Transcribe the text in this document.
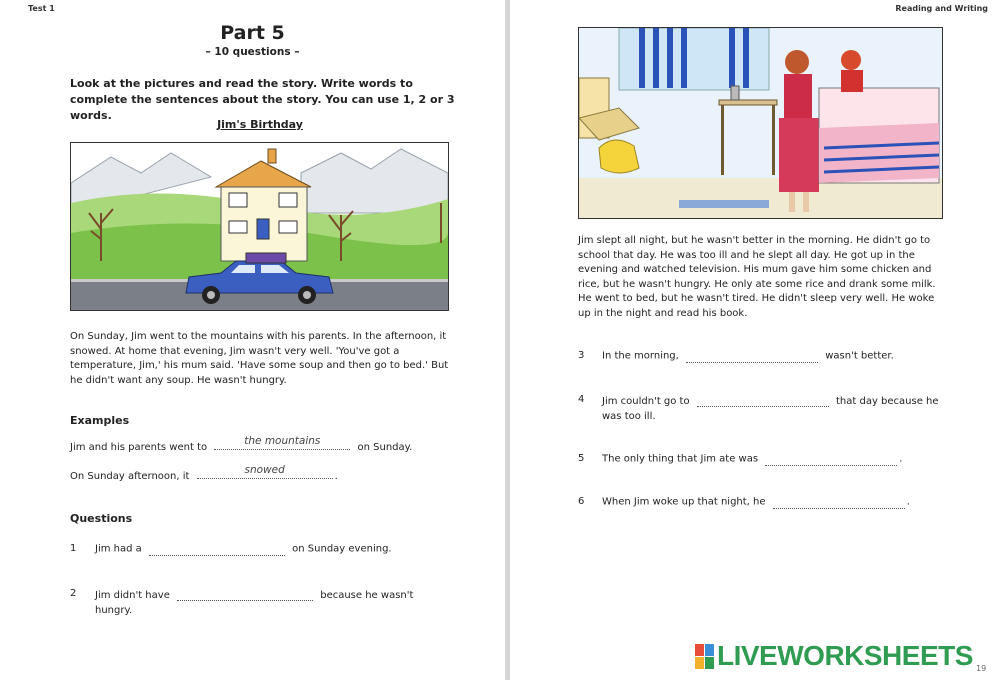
Test 1
Part 5
– 10 questions –
Look at the pictures and read the story. Write words to complete the sentences about the story. You can use 1, 2 or 3 words.
Jim's Birthday
On Sunday, Jim went to the mountains with his parents. In the afternoon, it snowed. At home that evening, Jim wasn't very well. 'You've got a temperature, Jim,' his mum said. 'Have some soup and then go to bed.' But he didn't want any soup. He wasn't hungry.
Examples
Jim and his parents went to
the mountains
on Sunday.
On Sunday afternoon, it
snowed
.
Questions
1 Jim had a	on Sunday evening.
2 Jim didn't have	because he wasn't
hungry.
Reading and Writing
Jim slept all night, but he wasn't better in the morning. He didn't go to school that day. He was too ill and he slept all day. He got up in the evening and watched television. His mum gave him some chicken and rice, but he wasn't hungry. He only ate some rice and drank some milk. He went to bed, but he wasn't tired. He didn't sleep very well. He woke up in the night and read his book.
3 In the morning,	wasn't better.
4 Jim couldn't go to	that day because he
was too ill.
5 The only thing that Jim ate was	.
6 When Jim woke up that night, he	.
LIVEWORKSHEETS 19
